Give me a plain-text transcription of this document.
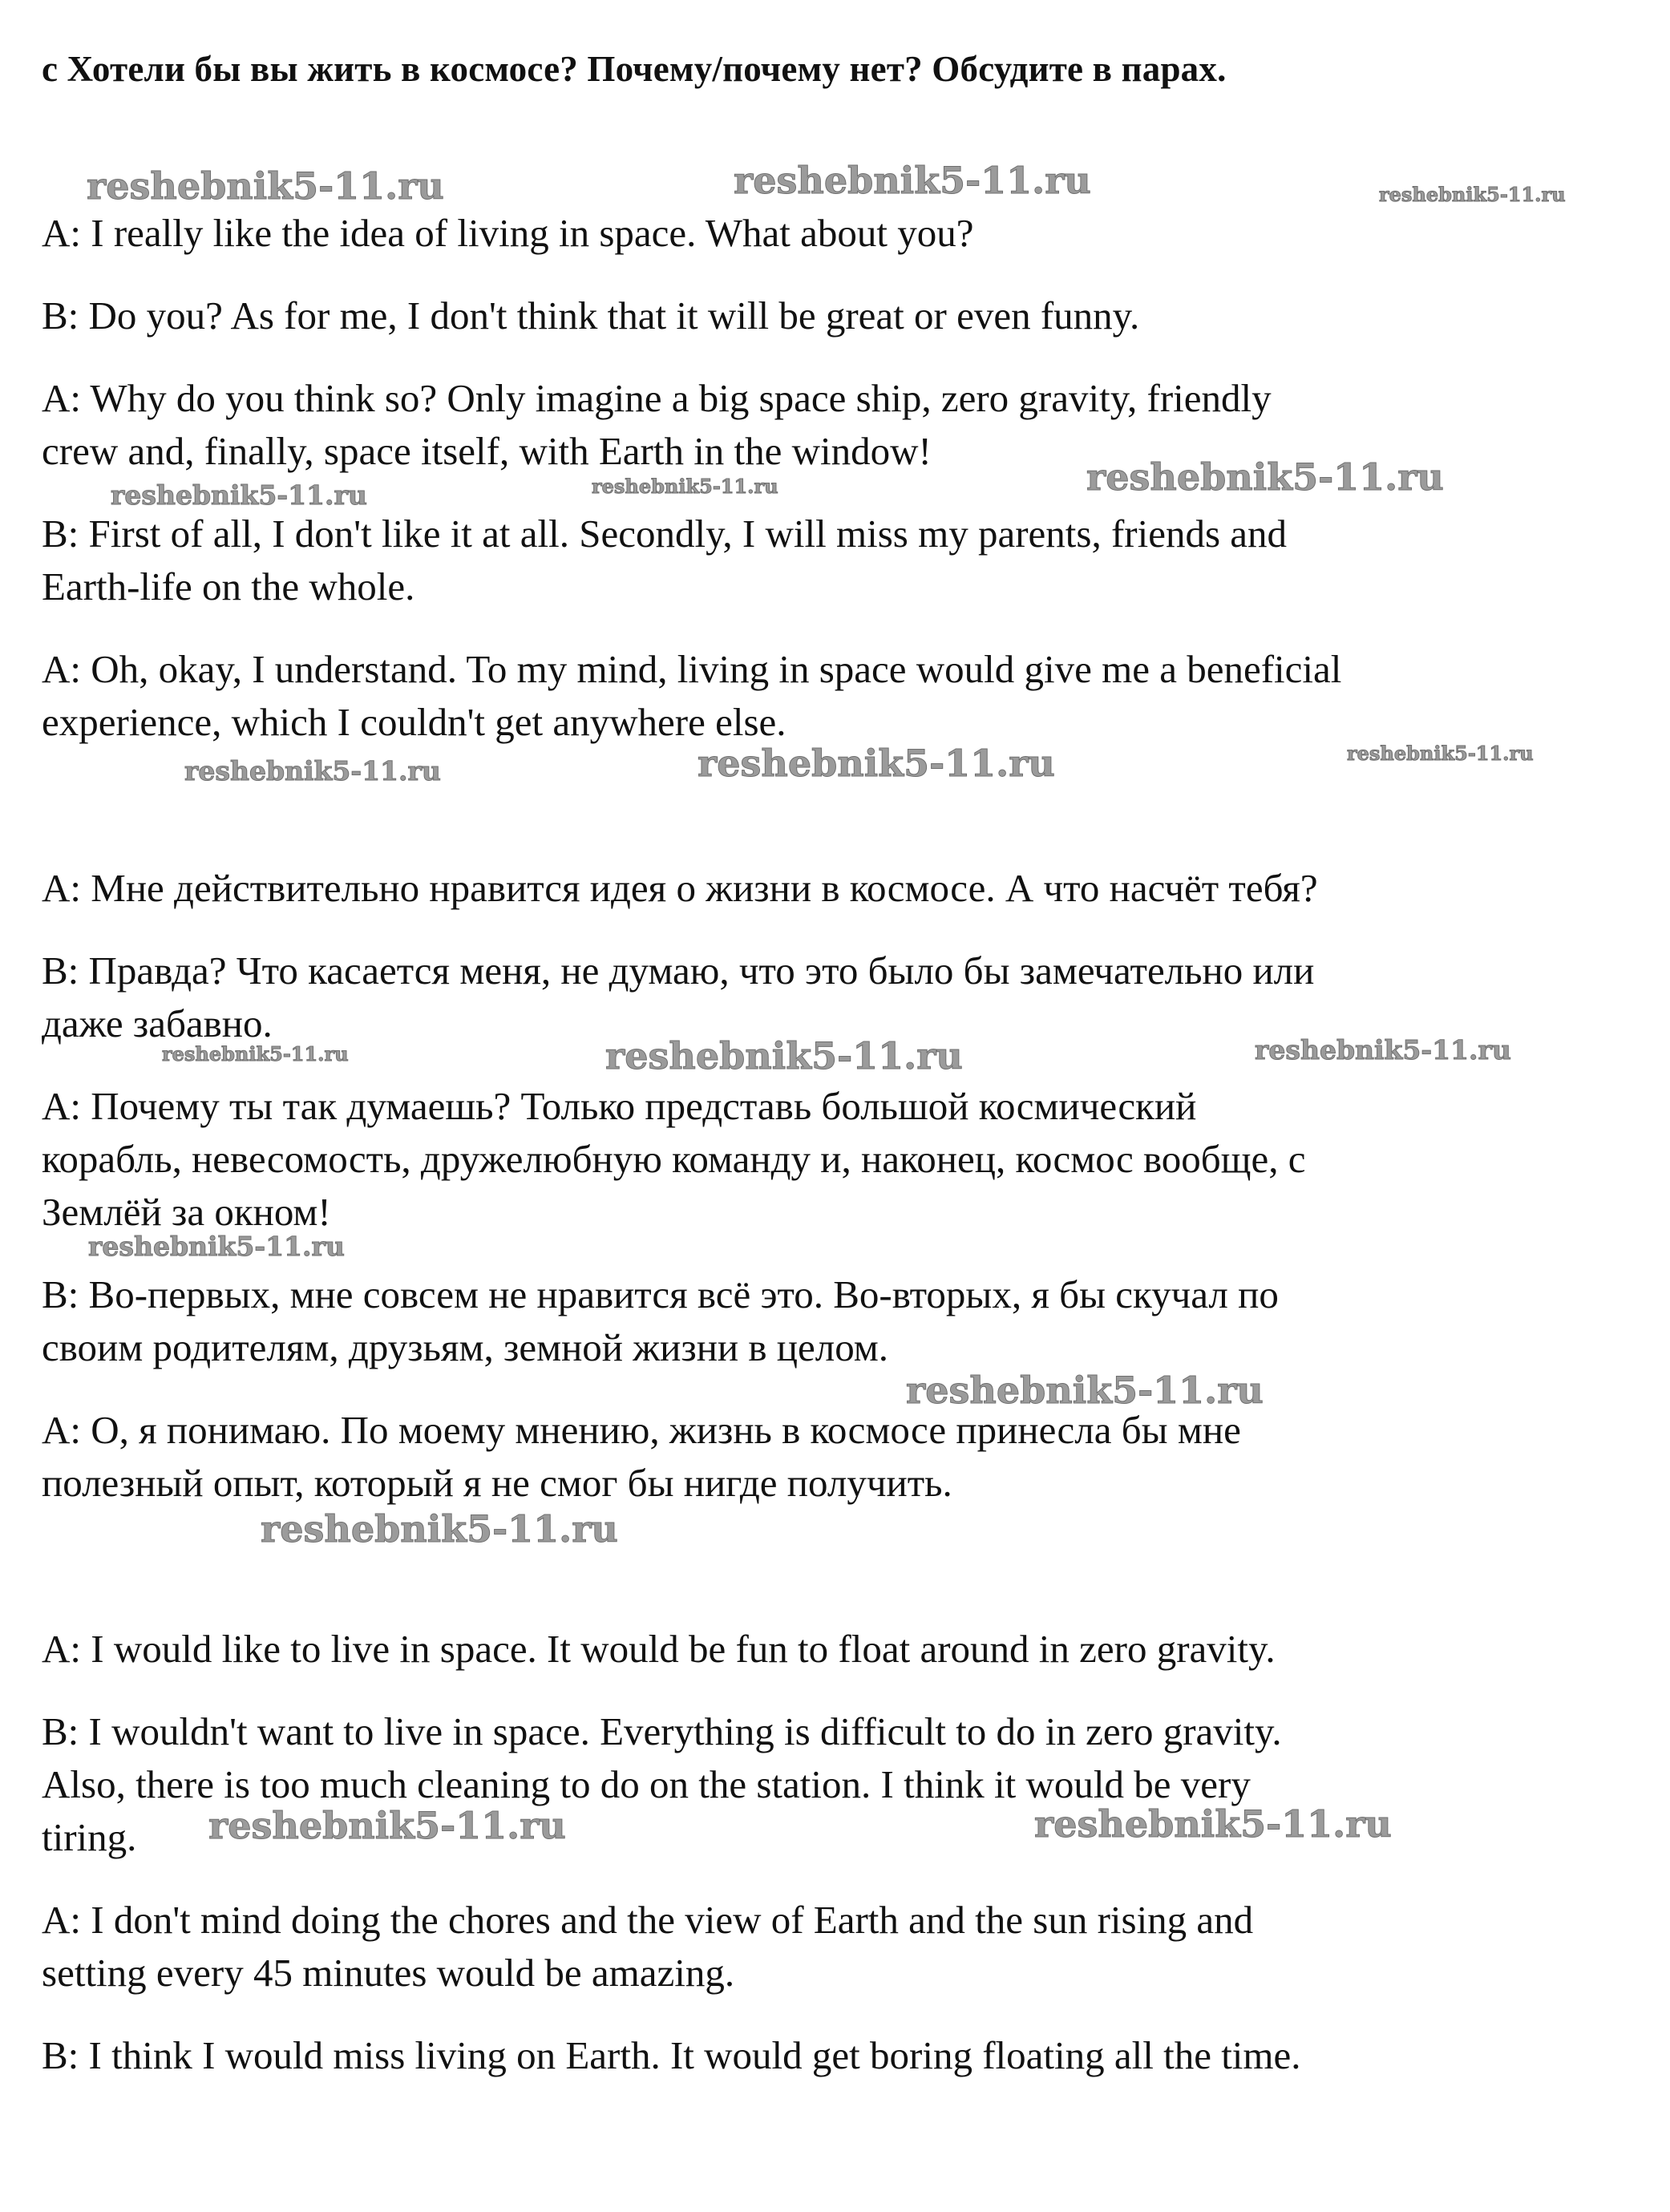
с Хотели бы вы жить в космосе? Почему/почему нет? Обсудите в парах.
A: I really like the idea of living in space. What about you?
B: Do you? As for me, I don't think that it will be great or even funny.
A: Why do you think so? Only imagine a big space ship, zero gravity, friendly
crew and, finally, space itself, with Earth in the window!
B: First of all, I don't like it at all. Secondly, I will miss my parents, friends and
Earth-life on the whole.
A: Oh, okay, I understand. To my mind, living in space would give me a beneficial
experience, which I couldn't get anywhere else.
A: Мне действительно нравится идея о жизни в космосе. А что насчёт тебя?
B: Правда? Что касается меня, не думаю, что это было бы замечательно или
даже забавно.
A: Почему ты так думаешь? Только представь большой космический
корабль, невесомость, дружелюбную команду и, наконец, космос вообще, с
Землёй за окном!
B: Во-первых, мне совсем не нравится всё это. Во-вторых, я бы скучал по
своим родителям, друзьям, земной жизни в целом.
A: О, я понимаю. По моему мнению, жизнь в космосе принесла бы мне
полезный опыт, который я не смог бы нигде получить.
A: I would like to live in space. It would be fun to float around in zero gravity.
B: I wouldn't want to live in space. Everything is difficult to do in zero gravity.
Also, there is too much cleaning to do on the station. I think it would be very
tiring.
A: I don't mind doing the chores and the view of Earth and the sun rising and
setting every 45 minutes would be amazing.
B: I think I would miss living on Earth. It would get boring floating all the time.
reshebnik5-11.ru	reshebnik5-11.ru	reshebnik5-11.ru
reshebnik5-11.ru	reshebnik5-11.ru	reshebnik5-11.ru
reshebnik5-11.ru	reshebnik5-11.ru	reshebnik5-11.ru
reshebnik5-11.ru	reshebnik5-11.ru	reshebnik5-11.ru
reshebnik5-11.ru
reshebnik5-11.ru
reshebnik5-11.ru
reshebnik5-11.ru	reshebnik5-11.ru
